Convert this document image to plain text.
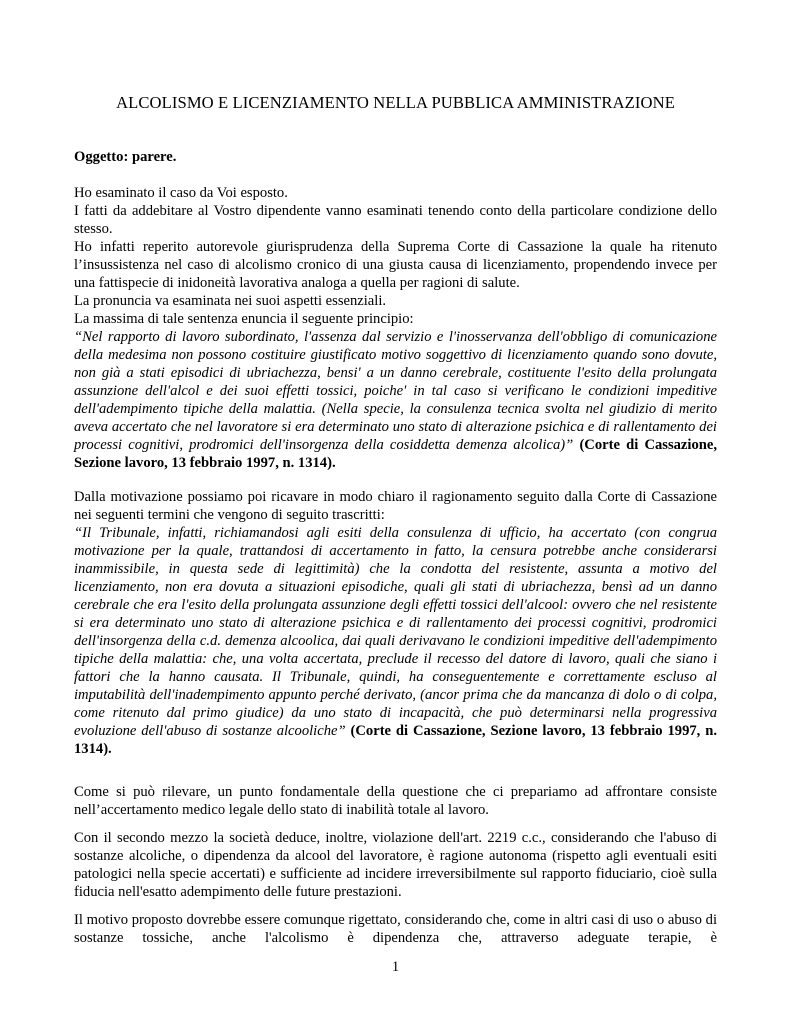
ALCOLISMO E LICENZIAMENTO NELLA PUBBLICA AMMINISTRAZIONE

Oggetto: parere.

Ho esaminato il caso da Voi esposto.

I fatti da addebitare al Vostro dipendente vanno esaminati tenendo conto della particolare condizione dello stesso.

Ho infatti reperito autorevole giurisprudenza della Suprema Corte di Cassazione la quale ha ritenuto l’insussistenza nel caso di alcolismo cronico di una giusta causa di licenziamento, propendendo invece per una fattispecie di inidoneità lavorativa analoga a quella per ragioni di salute.

La pronuncia va esaminata nei suoi aspetti essenziali.

La massima di tale sentenza enuncia il seguente principio:

“Nel rapporto di lavoro subordinato, l'assenza dal servizio e l'inosservanza dell'obbligo di comunicazione della medesima non possono costituire giustificato motivo soggettivo di licenziamento quando sono dovute, non già a stati episodici di ubriachezza, bensi' a un danno cerebrale, costituente l'esito della prolungata assunzione dell'alcol e dei suoi effetti tossici, poiche' in tal caso si verificano le condizioni impeditive dell'adempimento tipiche della malattia. (Nella specie, la consulenza tecnica svolta nel giudizio di merito aveva accertato che nel lavoratore si era determinato uno stato di alterazione psichica e di rallentamento dei processi cognitivi, prodromici dell'insorgenza della cosiddetta demenza alcolica)” (Corte di Cassazione, Sezione lavoro, 13 febbraio 1997, n. 1314).

Dalla motivazione possiamo poi ricavare in modo chiaro il ragionamento seguito dalla Corte di Cassazione nei seguenti termini che vengono di seguito trascritti:

“Il Tribunale, infatti, richiamandosi agli esiti della consulenza di ufficio, ha accertato (con congrua motivazione per la quale, trattandosi di accertamento in fatto, la censura potrebbe anche considerarsi inammissibile, in questa sede di legittimità) che la condotta del resistente, assunta a motivo del licenziamento, non era dovuta a situazioni episodiche, quali gli stati di ubriachezza, bensì ad un danno cerebrale che era l'esito della prolungata assunzione degli effetti tossici dell'alcool: ovvero che nel resistente si era determinato uno stato di alterazione psichica e di rallentamento dei processi cognitivi, prodromici dell'insorgenza della c.d. demenza alcoolica, dai quali derivavano le condizioni impeditive dell'adempimento tipiche della malattia: che, una volta accertata, preclude il recesso del datore di lavoro, quali che siano i fattori che la hanno causata. Il Tribunale, quindi, ha conseguentemente e correttamente escluso al imputabilità dell'inadempimento appunto perché derivato, (ancor prima che da mancanza di dolo o di colpa, come ritenuto dal primo giudice) da uno stato di incapacità, che può determinarsi nella progressiva evoluzione dell'abuso di sostanze alcooliche” (Corte di Cassazione, Sezione lavoro, 13 febbraio 1997, n. 1314).

Come si può rilevare, un punto fondamentale della questione che ci prepariamo ad affrontare consiste nell’accertamento medico legale dello stato di inabilità totale al lavoro.

Con il secondo mezzo la società deduce, inoltre, violazione dell'art. 2219 c.c., considerando che l'abuso di sostanze alcoliche, o dipendenza da alcool del lavoratore, è ragione autonoma (rispetto agli eventuali esiti patologici nella specie accertati) e sufficiente ad incidere irreversibilmente sul rapporto fiduciario, cioè sulla fiducia nell'esatto adempimento delle future prestazioni.

Il motivo proposto dovrebbe essere comunque rigettato, considerando che, come in altri casi di uso o abuso di sostanze tossiche, anche l'alcolismo è dipendenza che, attraverso adeguate terapie, è

1
